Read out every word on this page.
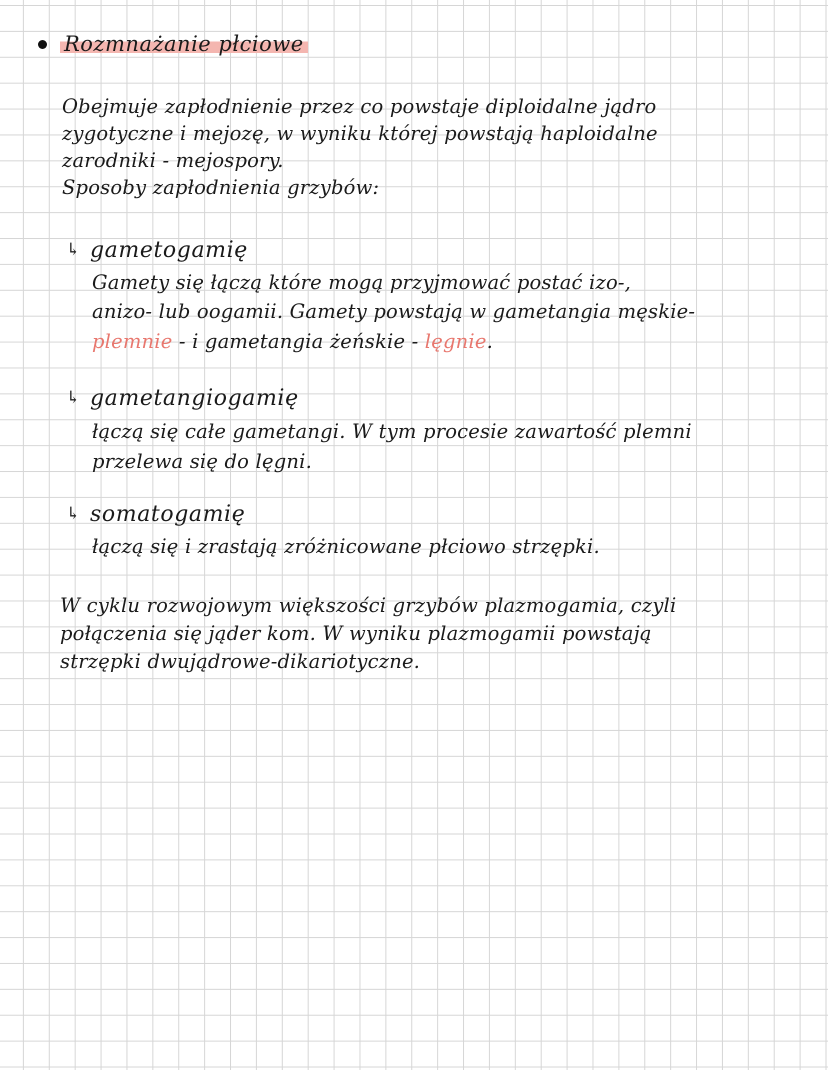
Rozmnażanie płciowe
Obejmuje zapłodnienie przez co powstaje diploidalne jądro
zygotyczne i mejozę, w wyniku której powstają haploidalne
zarodniki - mejospory.
Sposoby zapłodnienia grzybów:
↳ gametogamię
Gamety się łączą które mogą przyjmować postać izo-,
anizo- lub oogamii. Gamety powstają w gametangia męskie-
plemnie - i gametangia żeńskie - lęgnie.
↳ gametangiogamię
łączą się całe gametangi. W tym procesie zawartość plemni
przelewa się do lęgni.
↳ somatogamię
łączą się i zrastają zróżnicowane płciowo strzępki.
W cyklu rozwojowym większości grzybów plazmogamia, czyli
połączenia się jąder kom. W wyniku plazmogamii powstają
strzępki dwujądrowe-dikariotyczne.
